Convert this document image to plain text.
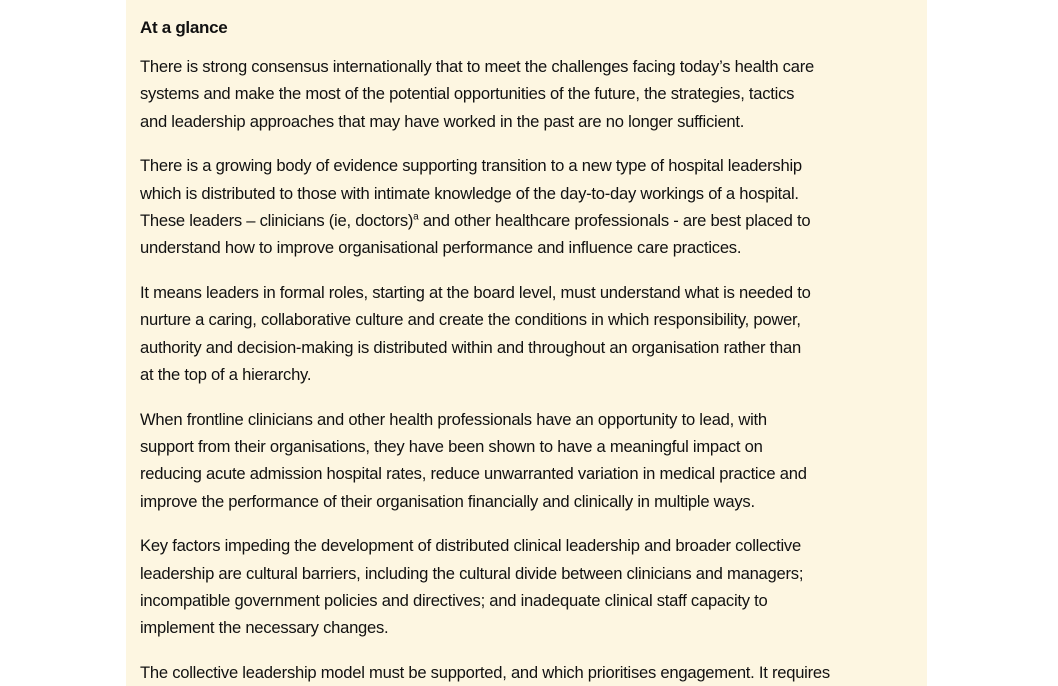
At a glance

There is strong consensus internationally that to meet the challenges facing today’s health care
systems and make the most of the potential opportunities of the future, the strategies, tactics
and leadership approaches that may have worked in the past are no longer sufficient.

There is a growing body of evidence supporting transition to a new type of hospital leadership
which is distributed to those with intimate knowledge of the day-to-day workings of a hospital.
These leaders – clinicians (ie, doctors)$^a$ and other healthcare professionals - are best placed to
understand how to improve organisational performance and influence care practices.

It means leaders in formal roles, starting at the board level, must understand what is needed to
nurture a caring, collaborative culture and create the conditions in which responsibility, power,
authority and decision-making is distributed within and throughout an organisation rather than
at the top of a hierarchy.

When frontline clinicians and other health professionals have an opportunity to lead, with
support from their organisations, they have been shown to have a meaningful impact on
reducing acute admission hospital rates, reduce unwarranted variation in medical practice and
improve the performance of their organisation financially and clinically in multiple ways.

Key factors impeding the development of distributed clinical leadership and broader collective
leadership are cultural barriers, including the cultural divide between clinicians and managers;
incompatible government policies and directives; and inadequate clinical staff capacity to
implement the necessary changes.

The collective leadership model must be supported, and which prioritises engagement. It requires
